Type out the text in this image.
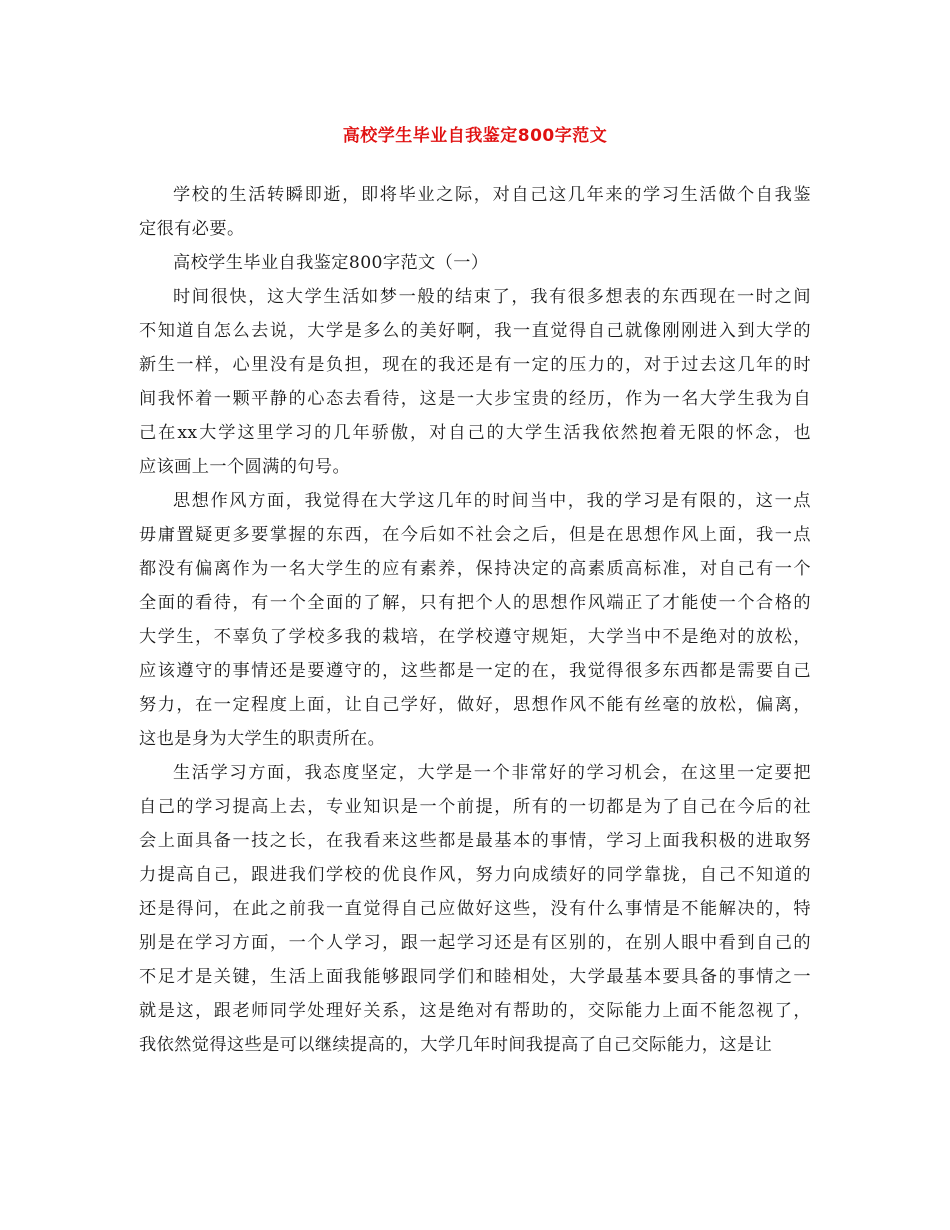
高校学生毕业自我鉴定800字范文

学校的生活转瞬即逝，即将毕业之际，对自己这几年来的学习生活做个自我鉴
定很有必要。

高校学生毕业自我鉴定800字范文（一）

时间很快，这大学生活如梦一般的结束了，我有很多想表的东西现在一时之间
不知道自怎么去说，大学是多么的美好啊，我一直觉得自己就像刚刚进入到大学的
新生一样，心里没有是负担，现在的我还是有一定的压力的，对于过去这几年的时
间我怀着一颗平静的心态去看待，这是一大步宝贵的经历，作为一名大学生我为自
己在xx大学这里学习的几年骄傲，对自己的大学生活我依然抱着无限的怀念，也
应该画上一个圆满的句号。

思想作风方面，我觉得在大学这几年的时间当中，我的学习是有限的，这一点
毋庸置疑更多要掌握的东西，在今后如不社会之后，但是在思想作风上面，我一点
都没有偏离作为一名大学生的应有素养，保持决定的高素质高标准，对自己有一个
全面的看待，有一个全面的了解，只有把个人的思想作风端正了才能使一个合格的
大学生，不辜负了学校多我的栽培，在学校遵守规矩，大学当中不是绝对的放松，
应该遵守的事情还是要遵守的，这些都是一定的在，我觉得很多东西都是需要自己
努力，在一定程度上面，让自己学好，做好，思想作风不能有丝毫的放松，偏离，
这也是身为大学生的职责所在。

生活学习方面，我态度坚定，大学是一个非常好的学习机会，在这里一定要把
自己的学习提高上去，专业知识是一个前提，所有的一切都是为了自己在今后的社
会上面具备一技之长，在我看来这些都是最基本的事情，学习上面我积极的进取努
力提高自己，跟进我们学校的优良作风，努力向成绩好的同学靠拢，自己不知道的
还是得问，在此之前我一直觉得自己应做好这些，没有什么事情是不能解决的，特
别是在学习方面，一个人学习，跟一起学习还是有区别的，在别人眼中看到自己的
不足才是关键，生活上面我能够跟同学们和睦相处，大学最基本要具备的事情之一
就是这，跟老师同学处理好关系，这是绝对有帮助的，交际能力上面不能忽视了，
我依然觉得这些是可以继续提高的，大学几年时间我提高了自己交际能力，这是让
